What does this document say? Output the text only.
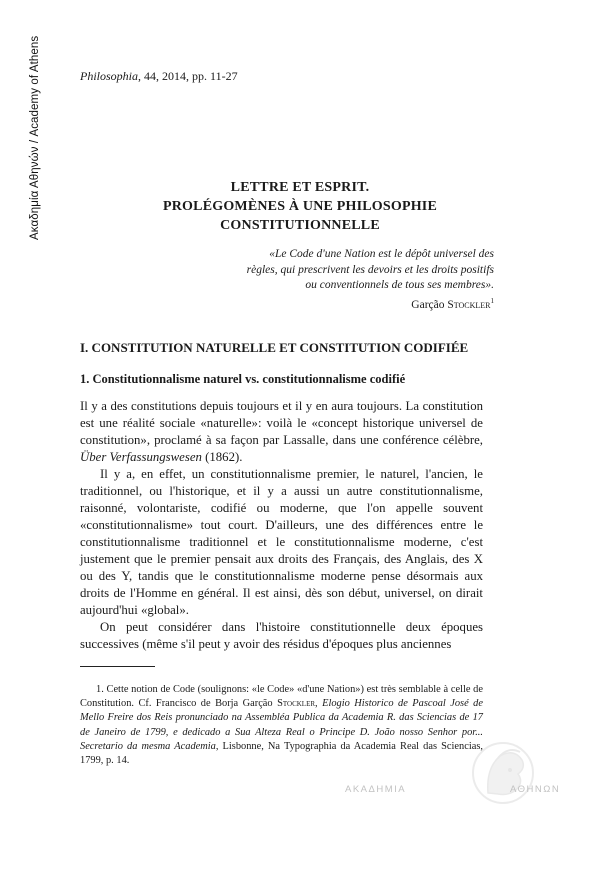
Ακαδημία Αθηνών / Academy of Athens	Philosophia, 44, 2014, pp. 11-27
LETTRE ET ESPRIT.
PROLÉGOMÈNES À UNE PHILOSOPHIE
CONSTITUTIONNELLE
«Le Code d'une Nation est le dépôt universel des
règles, qui prescrivent les devoirs et les droits positifs
ou conventionnels de tous ses membres».
Garção Stockler$^1$
I. CONSTITUTION NATURELLE ET CONSTITUTION CODIFIÉE
1. Constitutionnalisme naturel vs. constitutionnalisme codifié

Il y a des constitutions depuis toujours et il y en aura toujours. La constitution est une réalité sociale «naturelle»: voilà le «concept historique universel de constitution», proclamé à sa façon par Lassalle, dans une conférence célèbre, Über Verfassungswesen (1862).

Il y a, en effet, un constitutionnalisme premier, le naturel, l'ancien, le traditionnel, ou l'historique, et il y a aussi un autre constitutionnalisme, raisonné, volontariste, codifié ou moderne, que l'on appelle souvent «constitutionnalisme» tout court. D'ailleurs, une des différences entre le constitutionnalisme traditionnel et le constitutionnalisme moderne, c'est justement que le premier pensait aux droits des Français, des Anglais, des X ou des Y, tandis que le constitutionnalisme moderne pense désormais aux droits de l'Homme en général. Il est ainsi, dès son début, universel, on dirait aujourd'hui «global».

On peut considérer dans l'histoire constitutionnelle deux époques successives (même s'il peut y avoir des résidus d'époques plus anciennes

1. Cette notion de Code (soulignons: «le Code» «d'une Nation») est très semblable à celle de Constitution. Cf. Francisco de Borja Garção Stockler, Elogio Historico de Pascoal José de Mello Freire dos Reis pronunciado na Assembléa Publica da Academia R. das Sciencias de 17 de Janeiro de 1799, e dedicado a Sua Alteza Real o Principe D. João nosso Senhor por... Secretario da mesma Academia, Lisbonne, Na Typographia da Academia Real das Sciencias, 1799, p. 14.

ΑΚΑΔΗΜΙΑ	ΑΘΗΝΩΝ
